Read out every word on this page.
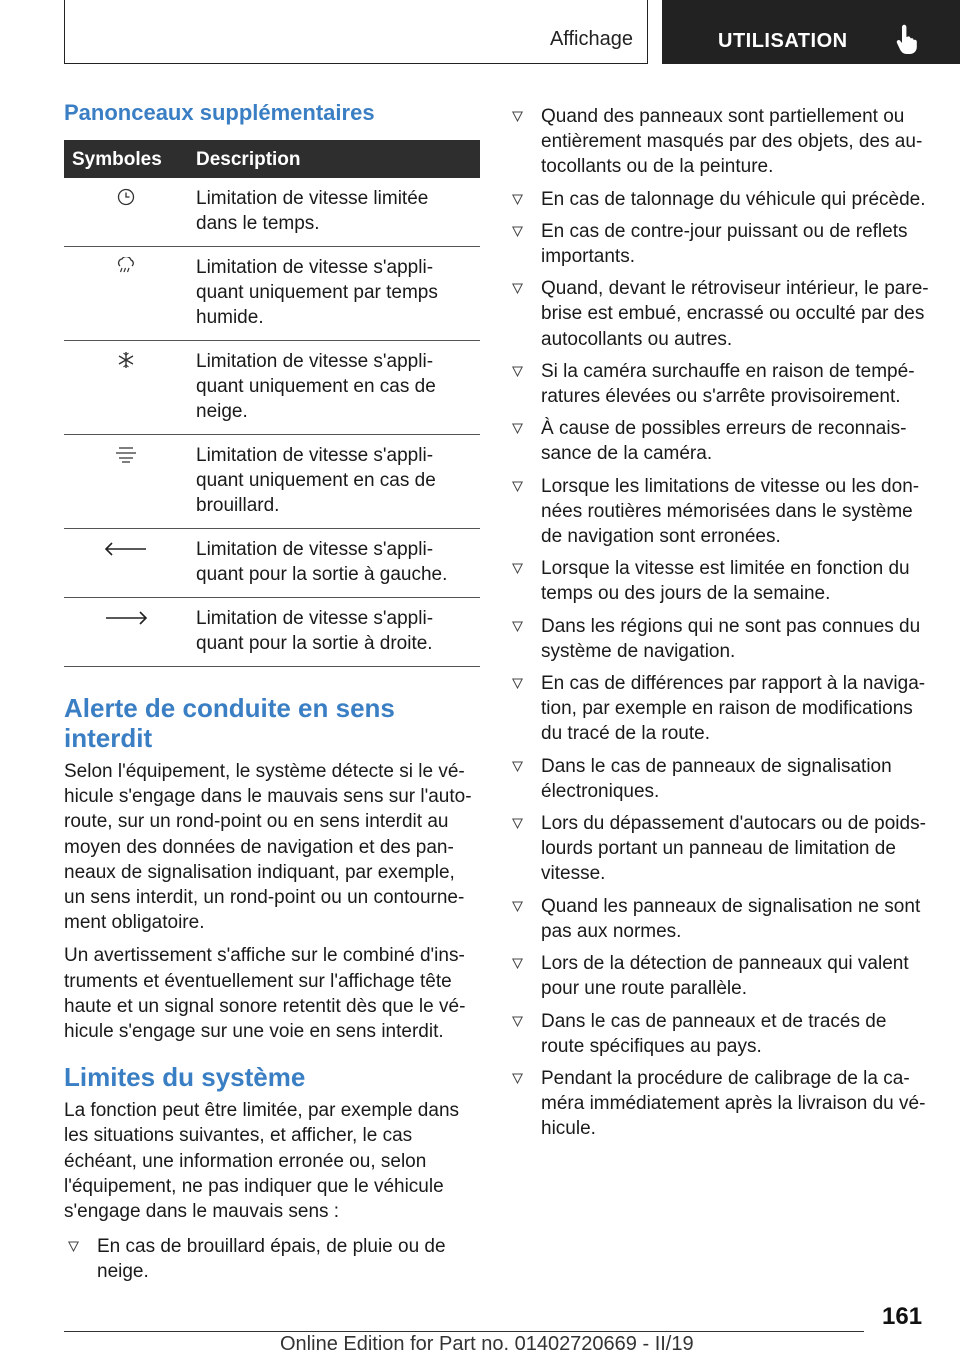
Affichage	UTILISATION
Panonceaux supplémentaires
Symboles	Description
	Limitation de vitesse limitée dans le temps.
	Limitation de vitesse s'appliquant uniquement par temps humide.
	Limitation de vitesse s'appliquant uniquement en cas de neige.
	Limitation de vitesse s'appliquant uniquement en cas de brouillard.
	Limitation de vitesse s'appliquant pour la sortie à gauche.
	Limitation de vitesse s'appliquant pour la sortie à droite.
Alerte de conduite en sens interdit

Selon l'équipement, le système détecte si le véhicule s'engage dans le mauvais sens sur l'autoroute, sur un rond-point ou en sens interdit au moyen des données de navigation et des panneaux de signalisation indiquant, par exemple, un sens interdit, un rond-point ou un contournement obligatoire.

Un avertissement s'affiche sur le combiné d'instruments et éventuellement sur l'affichage tête haute et un signal sonore retentit dès que le véhicule s'engage sur une voie en sens interdit.

Limites du système

La fonction peut être limitée, par exemple dans les situations suivantes, et afficher, le cas échéant, une information erronée ou, selon l'équipement, ne pas indiquer que le véhicule s'engage dans le mauvais sens :

En cas de brouillard épais, de pluie ou de neige.
Quand des panneaux sont partiellement ou entièrement masqués par des objets, des autocollants ou de la peinture.
En cas de talonnage du véhicule qui précède.
En cas de contre-jour puissant ou de reflets importants.
Quand, devant le rétroviseur intérieur, le pare-brise est embué, encrassé ou occulté par des autocollants ou autres.
Si la caméra surchauffe en raison de températures élevées ou s'arrête provisoirement.
À cause de possibles erreurs de reconnaissance de la caméra.
Lorsque les limitations de vitesse ou les données routières mémorisées dans le système de navigation sont erronées.
Lorsque la vitesse est limitée en fonction du temps ou des jours de la semaine.
Dans les régions qui ne sont pas connues du système de navigation.
En cas de différences par rapport à la navigation, par exemple en raison de modifications du tracé de la route.
Dans le cas de panneaux de signalisation électroniques.
Lors du dépassement d'autocars ou de poids-lourds portant un panneau de limitation de vitesse.
Quand les panneaux de signalisation ne sont pas aux normes.
Lors de la détection de panneaux qui valent pour une route parallèle.
Dans le cas de panneaux et de tracés de route spécifiques au pays.
Pendant la procédure de calibrage de la caméra immédiatement après la livraison du véhicule.
161
Online Edition for Part no. 01402720669 - II/19
